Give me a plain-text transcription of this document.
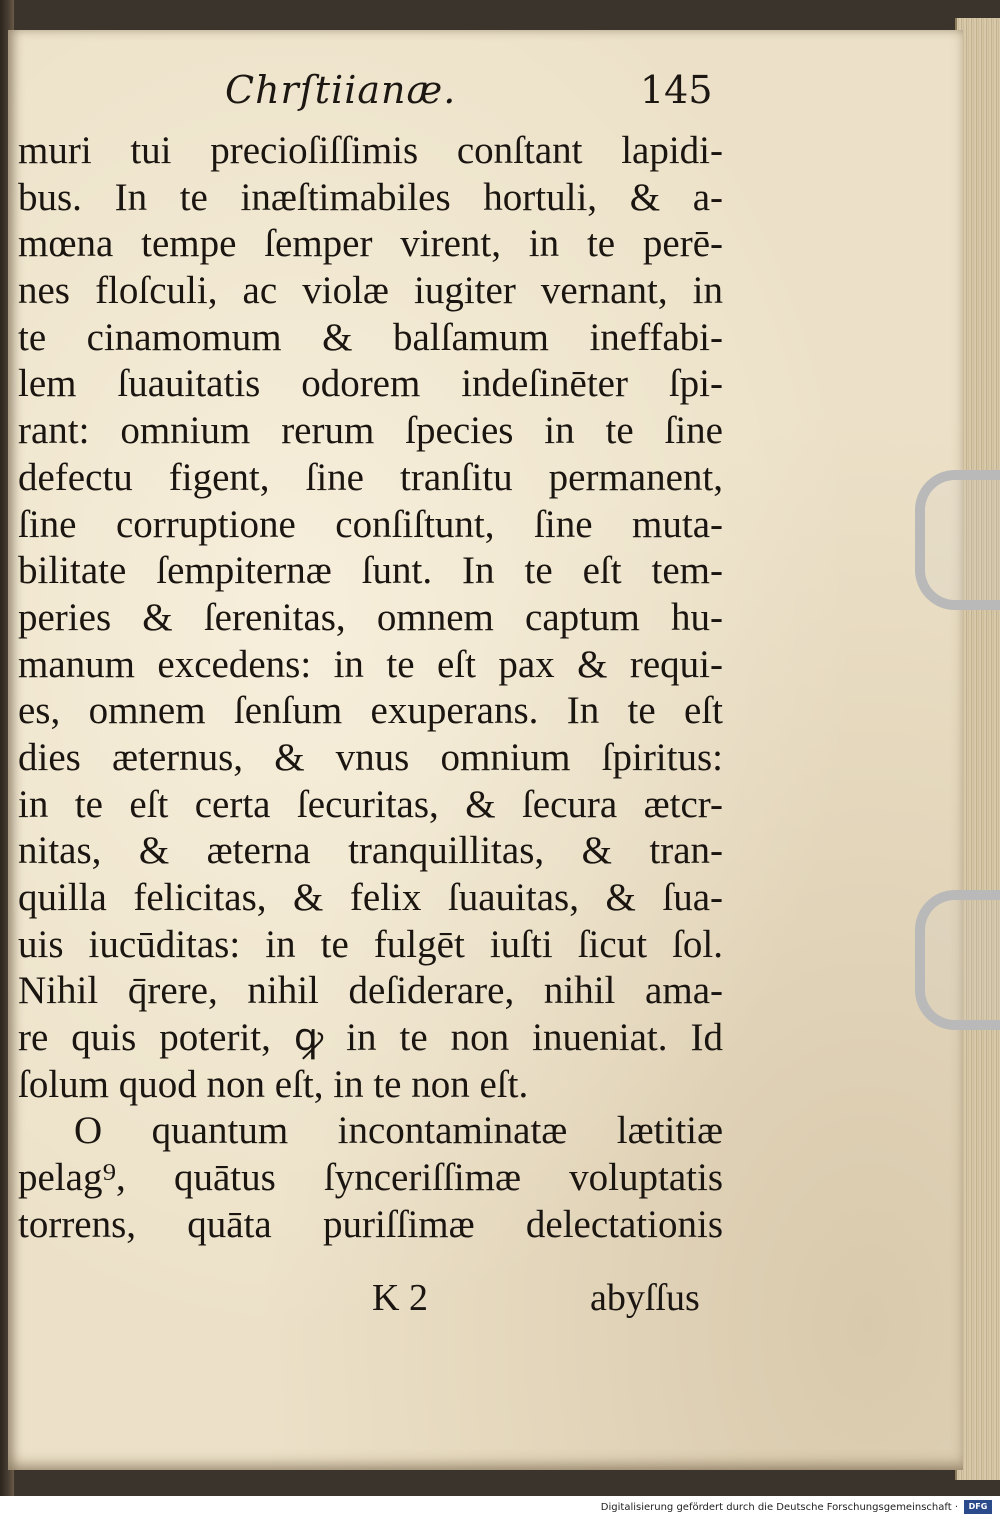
Chrſtiianæ.	145
muri tui precioſiſſimis conſtant lapidi-
bus. In te inæſtimabiles hortuli, & a-
mœna tempe ſemper virent, in te perē-
nes floſculi, ac violæ iugiter vernant, in
te cinamomum & balſamum ineffabi-
lem ſuauitatis odorem indeſinēter ſpi-
rant: omnium rerum ſpecies in te ſine
defectu figent, ſine tranſitu permanent,
ſine corruptione conſiſtunt, ſine muta-
bilitate ſempiternæ ſunt. In te eſt tem-
peries & ſerenitas, omnem captum hu-
manum excedens: in te eſt pax & requi-
es, omnem ſenſum exuperans. In te eſt
dies æternus, & vnus omnium ſpiritus:
in te eſt certa ſecuritas, & ſecura ætcr-
nitas, & æterna tranquillitas, & tran-
quilla felicitas, & felix ſuauitas, & ſua-
uis iucūditas: in te fulgēt iuſti ſicut ſol.
Nihil q̄rere, nihil deſiderare, nihil ama-
re quis poterit, ꝙ in te non inueniat. Id
ſolum quod non eſt, in te non eſt.
O quantum incontaminatæ lætitiæ
pelag⁹, quātus ſynceriſſimæ voluptatis
torrens, quāta puriſſimæ delectationis
K 2	abyſſus
Digitalisierung gefördert durch die Deutsche Forschungsgemeinschaft ·	DFG
